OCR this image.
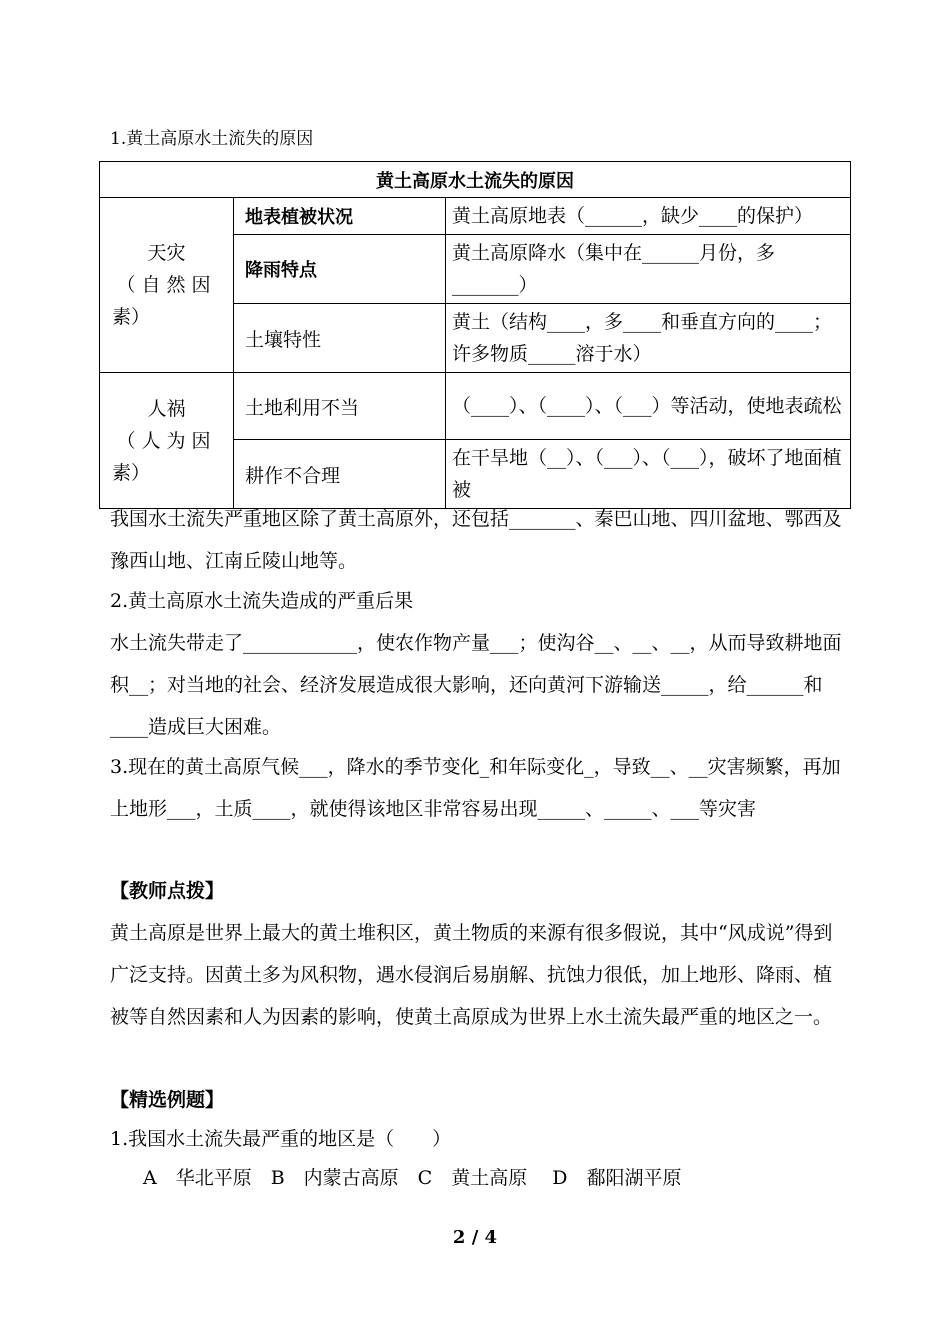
1.黄土高原水土流失的原因
黄土高原水土流失的原因		
天灾

（自然因
素）	地表植被状况	黄土高原地表（______，缺少____的保护）
	降雨特点	黄土高原降水（集中在______月份，多_______）
	土壤特性	黄土（结构____，多____和垂直方向的____；许多物质_____溶于水）
人祸

（人为因
素）	土地利用不当	（____）、（____）、（___）等活动，使地表疏松
	耕作不合理	在干旱地（__）、（___）、（___），破坏了地面植被

我国水土流失严重地区除了黄土高原外，还包括_______、秦巴山地、四川盆地、鄂西及豫西山地、江南丘陵山地等。

2.黄土高原水土流失造成的严重后果

水土流失带走了____________，使农作物产量___；使沟谷__、__、__，从而导致耕地面积__；对当地的社会、经济发展造成很大影响，还向黄河下游输送_____，给______和____造成巨大困难。

3.现在的黄土高原气候___，降水的季节变化_和年际变化_，导致__、__灾害频繁，再加上地形___，土质____，就使得该地区非常容易出现_____、_____、___等灾害

【教师点拨】

黄土高原是世界上最大的黄土堆积区，黄土物质的来源有很多假说，其中“风成说”得到广泛支持。因黄土多为风积物，遇水侵润后易崩解、抗蚀力很低，加上地形、降雨、植被等自然因素和人为因素的影响，使黄土高原成为世界上水土流失最严重的地区之一。

【精选例题】

1.我国水土流失最严重的地区是（　　）

A　华北平原　B　内蒙古高原　C　黄土高原　 D　鄱阳湖平原
2 / 4
